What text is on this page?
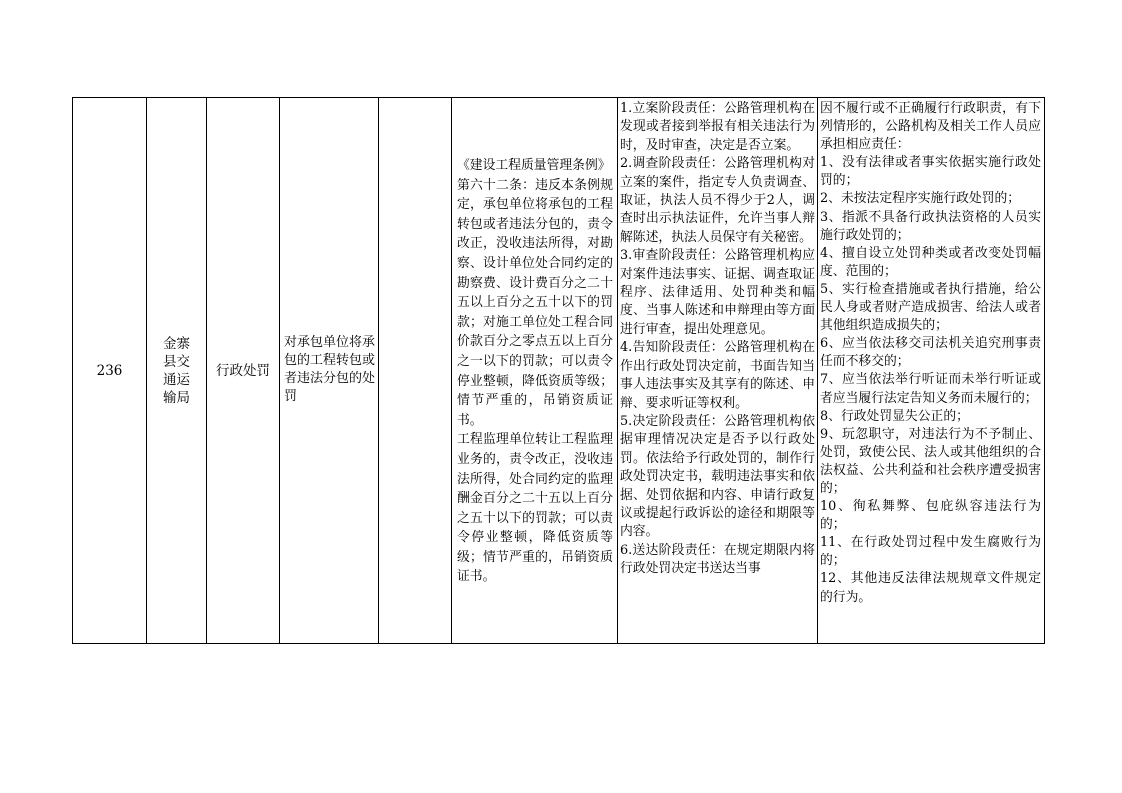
236
金寨县交通运输局
行政处罚
对承包单位将承包的工程转包或者违法分包的处罚

《建设工程质量管理条例》

第六十二条：违反本条例规定，承包单位将承包的工程转包或者违法分包的，责令改正，没收违法所得，对勘察、设计单位处合同约定的勘察费、设计费百分之二十五以上百分之五十以下的罚款；对施工单位处工程合同价款百分之零点五以上百分之一以下的罚款；可以责令停业整顿，降低资质等级；情节严重的，吊销资质证书。

工程监理单位转让工程监理业务的，责令改正，没收违法所得，处合同约定的监理酬金百分之二十五以上百分之五十以下的罚款；可以责令停业整顿，降低资质等级；情节严重的，吊销资质证书。

1.立案阶段责任：公路管理机构在发现或者接到举报有相关违法行为时，及时审查，决定是否立案。

2.调查阶段责任：公路管理机构对立案的案件，指定专人负责调查、取证，执法人员不得少于2人，调查时出示执法证件，允许当事人辩解陈述，执法人员保守有关秘密。

3.审查阶段责任：公路管理机构应对案件违法事实、证据、调查取证程序、法律适用、处罚种类和幅度、当事人陈述和申辩理由等方面进行审查，提出处理意见。

4.告知阶段责任：公路管理机构在作出行政处罚决定前，书面告知当事人违法事实及其享有的陈述、申辩、要求听证等权利。

5.决定阶段责任：公路管理机构依据审理情况决定是否予以行政处罚。依法给予行政处罚的，制作行政处罚决定书，载明违法事实和依据、处罚依据和内容、申请行政复议或提起行政诉讼的途径和期限等内容。

6.送达阶段责任：在规定期限内将行政处罚决定书送达当事

因不履行或不正确履行行政职责，有下列情形的，公路机构及相关工作人员应承担相应责任：

1、没有法律或者事实依据实施行政处罚的；

2、未按法定程序实施行政处罚的；

3、指派不具备行政执法资格的人员实施行政处罚的；

4、擅自设立处罚种类或者改变处罚幅度、范围的；

5、实行检查措施或者执行措施，给公民人身或者财产造成损害、给法人或者其他组织造成损失的；

6、应当依法移交司法机关追究刑事责任而不移交的；

7、应当依法举行听证而未举行听证或者应当履行法定告知义务而未履行的；

8、行政处罚显失公正的；

9、玩忽职守，对违法行为不予制止、处罚，致使公民、法人或其他组织的合法权益、公共利益和社会秩序遭受损害的；

10、徇私舞弊、包庇纵容违法行为的；

11、在行政处罚过程中发生腐败行为的；

12、其他违反法律法规规章文件规定的行为。
